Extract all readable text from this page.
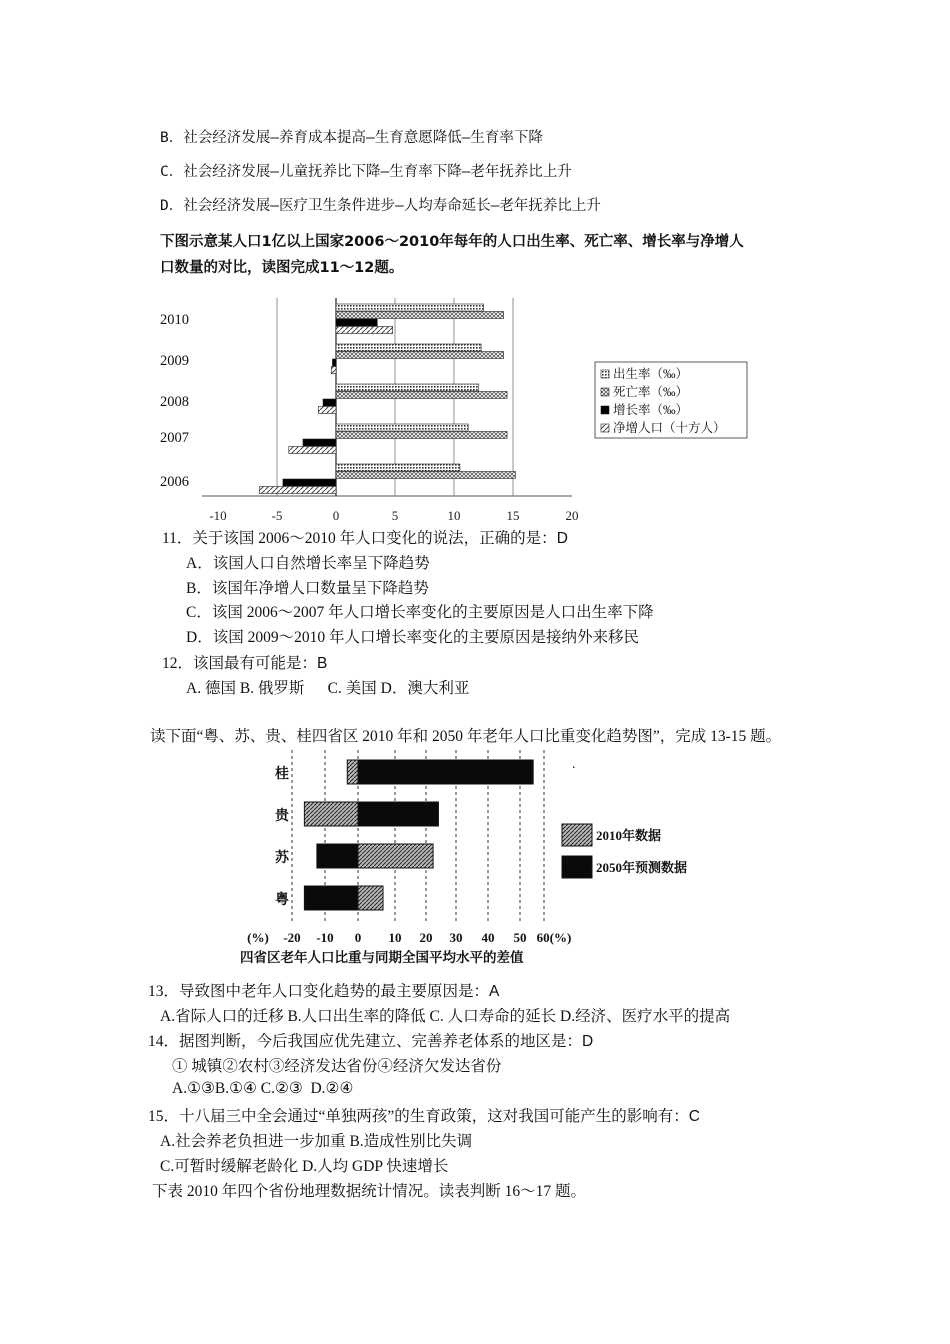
B．社会经济发展—养育成本提高—生育意愿降低—生育率下降
C．社会经济发展—儿童抚养比下降—生育率下降—老年抚养比上升
D．社会经济发展—医疗卫生条件进步—人均寿命延长—老年抚养比上升
下图示意某人口1亿以上国家2006～2010年每年的人口出生率、死亡率、增长率与净增人
口数量的对比，读图完成11～12题。
-10	-5	0	5	10	15	20
2010
2009
2008
2007
2006
出生率（‰）
死亡率（‰）
增长率（‰）
净增人口（十方人）
11．关于该国 2006～2010 年人口变化的说法，正确的是：D
A．该国人口自然增长率呈下降趋势
B．该国年净增人口数量呈下降趋势
C．该国 2006～2007 年人口增长率变化的主要原因是人口出生率下降
D．该国 2009～2010 年人口增长率变化的主要原因是接纳外来移民
12．该国最有可能是：B
A. 德国 B. 俄罗斯      C. 美国 D．澳大利亚
读下面“粤、苏、贵、桂四省区 2010 年和 2050 年老年人口比重变化趋势图”，完成 13-15 题。
(%) -20 -10 0 10 20 30 40 50 60(%)
四省区老年人口比重与同期全国平均水平的差值
桂
贵
苏
粤
.
2010年数据
2050年预测数据
13．导致图中老年人口变化趋势的最主要原因是：A
A.省际人口的迁移 B.人口出生率的降低 C. 人口寿命的延长 D.经济、医疗水平的提高
14．据图判断，今后我国应优先建立、完善养老体系的地区是：D
① 城镇②农村③经济发达省份④经济欠发达省份
A.①③B.①④ C.②③  D.②④
15．十八届三中全会通过“单独两孩”的生育政策，这对我国可能产生的影响有：C
A.社会养老负担进一步加重 B.造成性别比失调
C.可暂时缓解老龄化 D.人均 GDP 快速增长
下表 2010 年四个省份地理数据统计情况。读表判断 16～17 题。
